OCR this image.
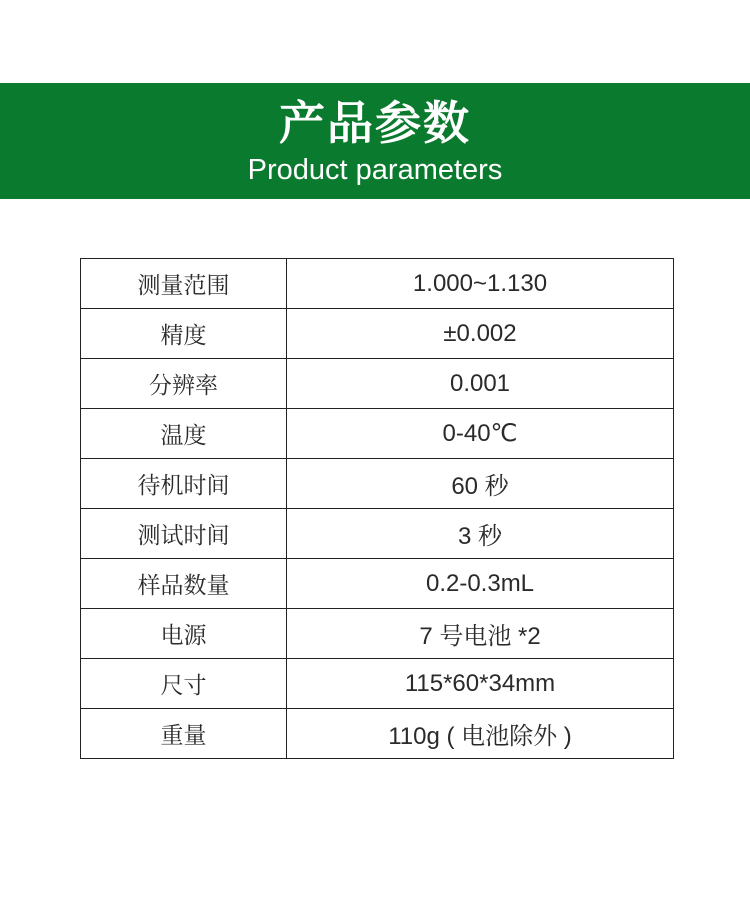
产品参数
Product parameters
测量范围	1.000~1.130
精度	±0.002
分辨率	0.001
温度	0-40℃
待机时间	60 秒
测试时间	3 秒
样品数量	0.2-0.3mL
电源	7 号电池 *2
尺寸	115*60*34mm
重量	110g ( 电池除外 )
